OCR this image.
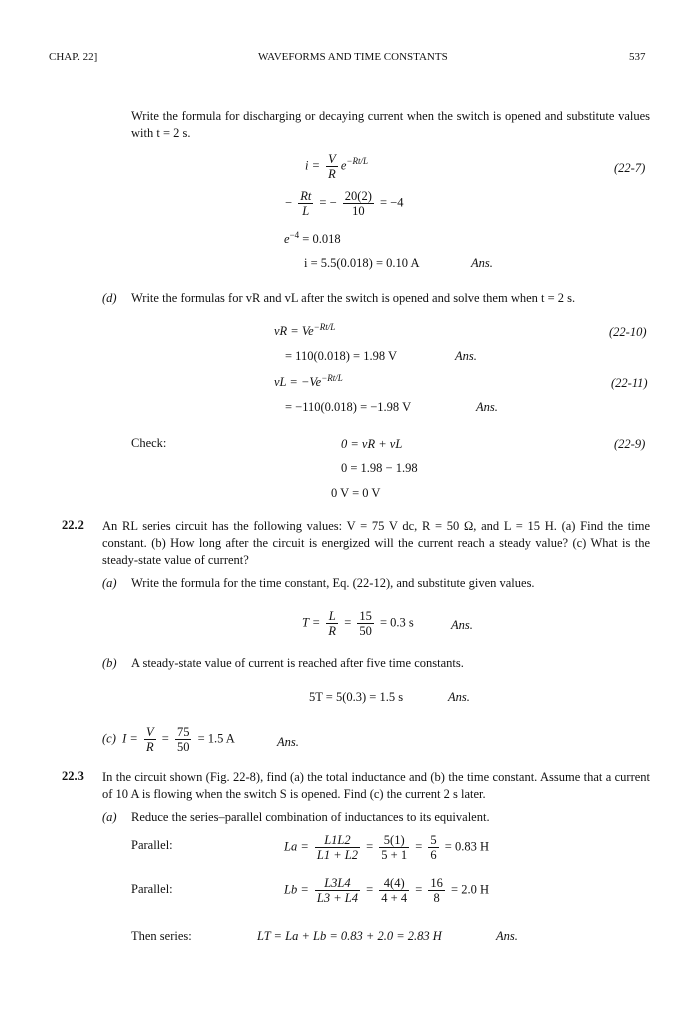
CHAP. 22]	WAVEFORMS AND TIME CONSTANTS	537
Write the formula for discharging or decaying current when the switch is opened and substitute values with t = 2 s.
$i = \frac{V}{R} e^{-Rt/L}$	(22-7)
− $\frac{Rt}{L}$ = − $\frac{20(2)}{10} = -4$
$e^{-4} = 0.018$
i = 5.5(0.018) = 0.10 A	Ans.
(d) Write the formulas for vR and vL after the switch is opened and solve them when t = 2 s.
vR = $Ve^{-Rt/L}$	(22-10)
= 110(0.018) = 1.98 V	Ans.
vL = $-Ve^{-Rt/L}$	(22-11)
= −110(0.018) = −1.98 V	Ans.
Check:	0 = vR + vL	(22-9)
0 = 1.98 − 1.98
0 V = 0 V
22.2 An RL series circuit has the following values: V = 75 V dc, R = 50 Ω, and L = 15 H. (a) Find the time constant. (b) How long after the circuit is energized will the current reach a steady value? (c) What is the steady-state value of current?
(a) Write the formula for the time constant, Eq. (22-12), and substitute given values.
$T = \frac{L}{R} = \frac{15}{50} = 0.3$ s	Ans.
(b) A steady-state value of current is reached after five time constants.
5T = 5(0.3) = 1.5 s	Ans.
(c) $I = \frac{V}{R} = \frac{75}{50} = 1.5$ A	Ans.
22.3 In the circuit shown (Fig. 22-8), find (a) the total inductance and (b) the time constant. Assume that a current of 10 A is flowing when the switch S is opened. Find (c) the current 2 s later.
(a) Reduce the series–parallel combination of inductances to its equivalent.
Parallel:	$La = \frac{L1L2}{L1 + L2} = \frac{5(1)}{5 + 1} = \frac{5}{6} = 0.83$ H
Parallel:	$Lb = \frac{L3L4}{L3 + L4} = \frac{4(4)}{4 + 4} = \frac{16}{8} = 2.0$ H
Then series:	LT = La + Lb = 0.83 + 2.0 = 2.83 H	Ans.
